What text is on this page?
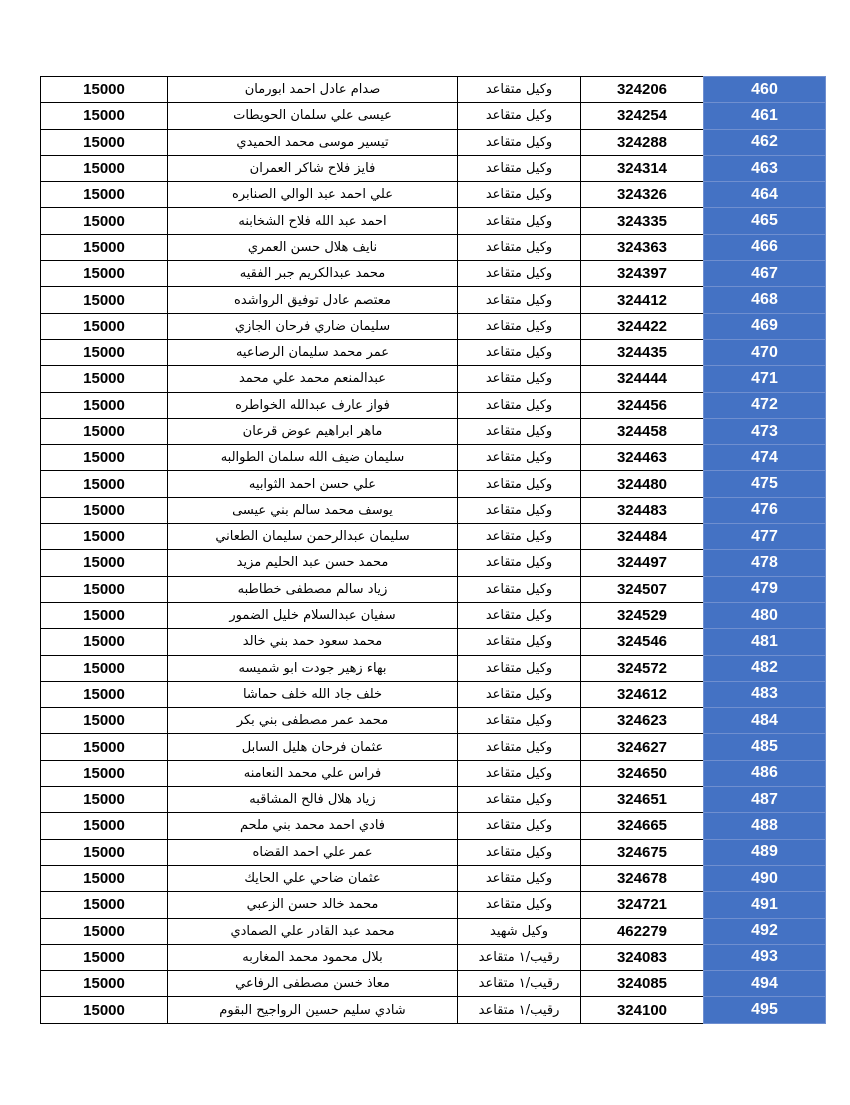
460	324206	وكيل متقاعد	صدام عادل احمد ابورمان	15000
461	324254	وكيل متقاعد	عيسى علي سلمان الحويطات	15000
462	324288	وكيل متقاعد	تيسير موسى محمد الحميدي	15000
463	324314	وكيل متقاعد	فايز فلاح شاكر العمران	15000
464	324326	وكيل متقاعد	علي احمد عبد الوالي الصنابره	15000
465	324335	وكيل متقاعد	احمد عبد الله فلاح الشخابنه	15000
466	324363	وكيل متقاعد	نايف هلال حسن العمري	15000
467	324397	وكيل متقاعد	محمد عبدالكريم جبر الفقيه	15000
468	324412	وكيل متقاعد	معتصم عادل توفيق الرواشده	15000
469	324422	وكيل متقاعد	سليمان ضاري فرحان الجازي	15000
470	324435	وكيل متقاعد	عمر محمد سليمان الرصاعيه	15000
471	324444	وكيل متقاعد	عبدالمنعم محمد علي محمد	15000
472	324456	وكيل متقاعد	فواز عارف عبدالله الخواطره	15000
473	324458	وكيل متقاعد	ماهر ابراهيم عوض قرعان	15000
474	324463	وكيل متقاعد	سليمان ضيف الله سلمان الطوالبه	15000
475	324480	وكيل متقاعد	علي حسن احمد الثوابيه	15000
476	324483	وكيل متقاعد	يوسف محمد سالم بني عيسى	15000
477	324484	وكيل متقاعد	سليمان عبدالرحمن سليمان الطعاني	15000
478	324497	وكيل متقاعد	محمد حسن عبد الحليم مزيد	15000
479	324507	وكيل متقاعد	زياد سالم مصطفى خطاطبه	15000
480	324529	وكيل متقاعد	سفيان عبدالسلام خليل الضمور	15000
481	324546	وكيل متقاعد	محمد سعود حمد بني خالد	15000
482	324572	وكيل متقاعد	بهاء زهير جودت ابو شميسه	15000
483	324612	وكيل متقاعد	خلف جاد الله خلف حماشا	15000
484	324623	وكيل متقاعد	محمد عمر مصطفى بني بكر	15000
485	324627	وكيل متقاعد	عثمان فرحان هليل السابل	15000
486	324650	وكيل متقاعد	فراس علي محمد النعامنه	15000
487	324651	وكيل متقاعد	زياد هلال فالح المشاقبه	15000
488	324665	وكيل متقاعد	فادي احمد محمد بني ملحم	15000
489	324675	وكيل متقاعد	عمر علي احمد القضاه	15000
490	324678	وكيل متقاعد	عثمان ضاحي علي الحايك	15000
491	324721	وكيل متقاعد	محمد خالد حسن الزعبي	15000
492	462279	وكيل شهيد	محمد عبد القادر علي الصمادي	15000
493	324083	رقيب/١ متقاعد	بلال محمود محمد المغاربه	15000
494	324085	رقيب/١ متقاعد	معاذ خسن مصطفى الرفاعي	15000
495	324100	رقيب/١ متقاعد	شادي سليم حسين الرواجيح البقوم	15000
